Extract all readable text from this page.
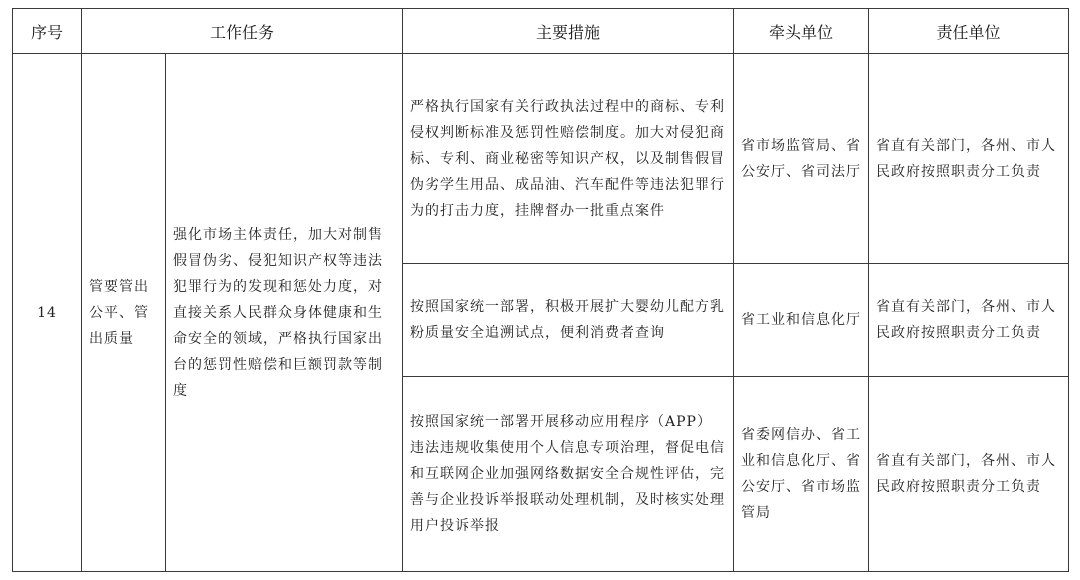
序号	工作任务		主要措施	牵头单位	责任单位
14	管要管出公平、管出质量	强化市场主体责任，加大对制售假冒伪劣、侵犯知识产权等违法犯罪行为的发现和惩处力度，对直接关系人民群众身体健康和生命安全的领域，严格执行国家出台的惩罚性赔偿和巨额罚款等制度	严格执行国家有关行政执法过程中的商标、专利侵权判断标准及惩罚性赔偿制度。加大对侵犯商标、专利、商业秘密等知识产权，以及制售假冒伪劣学生用品、成品油、汽车配件等违法犯罪行为的打击力度，挂牌督办一批重点案件	省市场监管局、省公安厅、省司法厅	省直有关部门，各州、市人民政府按照职责分工负责
			按照国家统一部署，积极开展扩大婴幼儿配方乳粉质量安全追溯试点，便利消费者查询	省工业和信息化厅	省直有关部门，各州、市人民政府按照职责分工负责
			按照国家统一部署开展移动应用程序（APP）违法违规收集使用个人信息专项治理，督促电信和互联网企业加强网络数据安全合规性评估，完善与企业投诉举报联动处理机制，及时核实处理用户投诉举报	省委网信办、省工业和信息化厅、省公安厅、省市场监管局	省直有关部门，各州、市人民政府按照职责分工负责
